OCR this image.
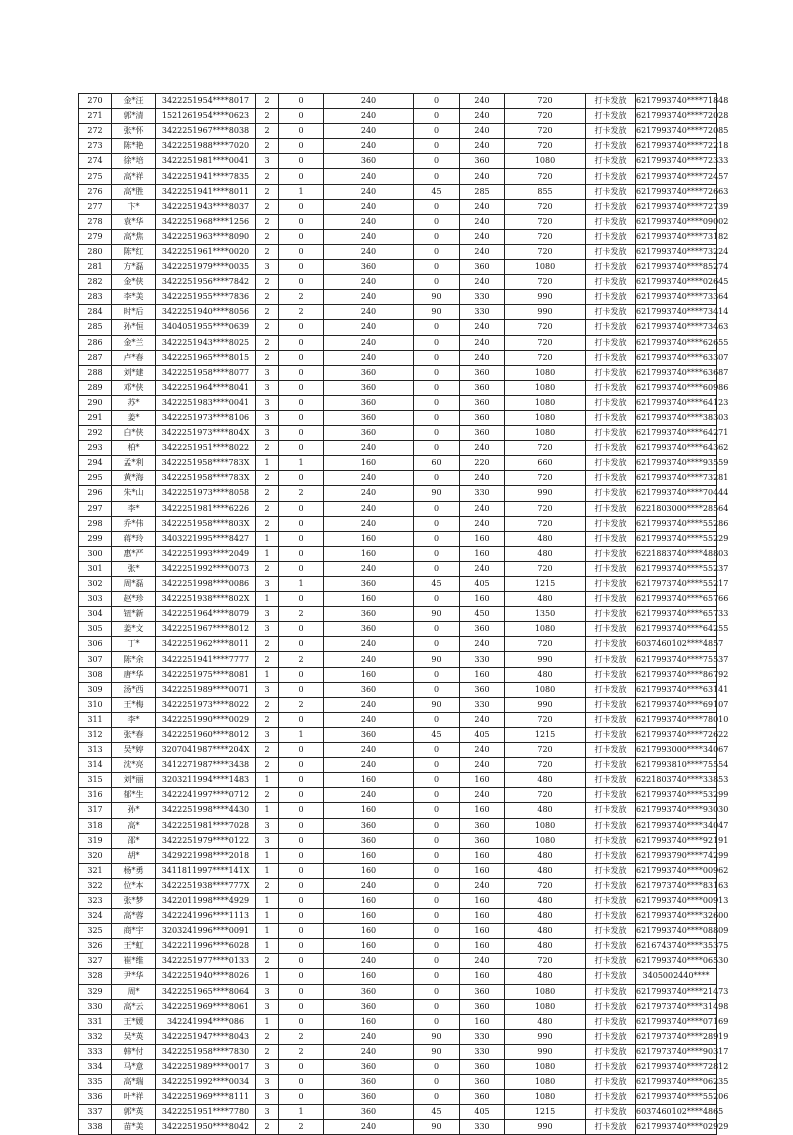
270	金*汪	3422251954****8017	2	0	240	0	240	720	打卡发放	6217993740****71848
271	郭*清	1521261954****0623	2	0	240	0	240	720	打卡发放	6217993740****72028
272	张*怀	3422251967****8038	2	0	240	0	240	720	打卡发放	6217993740****72085
273	陈*艳	3422251988****7020	2	0	240	0	240	720	打卡发放	6217993740****72218
274	徐*培	3422251981****0041	3	0	360	0	360	1080	打卡发放	6217993740****72333
275	高*祥	3422251941****7835	2	0	240	0	240	720	打卡发放	6217993740****72457
276	高*胜	3422251941****8011	2	1	240	45	285	855	打卡发放	6217993740****72663
277	卞*	3422251943****8037	2	0	240	0	240	720	打卡发放	6217993740****72739
278	袁*华	3422251968****1256	2	0	240	0	240	720	打卡发放	6217993740****09002
279	高*焦	3422251963****8090	2	0	240	0	240	720	打卡发放	6217993740****73182
280	陈*红	3422251961****0020	2	0	240	0	240	720	打卡发放	6217993740****73224
281	方*磊	3422251979****0035	3	0	360	0	360	1080	打卡发放	6217993740****85274
282	金*侠	3422251956****7842	2	0	240	0	240	720	打卡发放	6217993740****02645
283	李*美	3422251955****7836	2	2	240	90	330	990	打卡发放	6217993740****73364
284	时*后	3422251940****8056	2	2	240	90	330	990	打卡发放	6217993740****73414
285	孙*恒	3404051955****0639	2	0	240	0	240	720	打卡发放	6217993740****73463
286	金*兰	3422251943****8025	2	0	240	0	240	720	打卡发放	6217993740****62655
287	卢*春	3422251965****8015	2	0	240	0	240	720	打卡发放	6217993740****63307
288	刘*建	3422251958****8077	3	0	360	0	360	1080	打卡发放	6217993740****63687
289	邓*侠	3422251964****8041	3	0	360	0	360	1080	打卡发放	6217993740****60986
290	苏*	3422251983****0041	3	0	360	0	360	1080	打卡发放	6217993740****64123
291	姜*	3422251973****8106	3	0	360	0	360	1080	打卡发放	6217993740****38303
292	白*侠	3422251973****804X	3	0	360	0	360	1080	打卡发放	6217993740****64271
293	柏*	3422251951****8022	2	0	240	0	240	720	打卡发放	6217993740****64362
294	孟*利	3422251958****783X	1	1	160	60	220	660	打卡发放	6217993740****93559
295	黄*海	3422251958****783X	2	0	240	0	240	720	打卡发放	6217993740****73281
296	朱*山	3422251973****8058	2	2	240	90	330	990	打卡发放	6217993740****70444
297	李*	3422251981****6226	2	0	240	0	240	720	打卡发放	6221803000****28564
298	乔*伟	3422251958****803X	2	0	240	0	240	720	打卡发放	6217993740****55286
299	蒋*玲	3403221995****8427	1	0	160	0	160	480	打卡发放	6217993740****55229
300	惠*严	3422251993****2049	1	0	160	0	160	480	打卡发放	6221883740****48803
301	张*	3422251992****0073	2	0	240	0	240	720	打卡发放	6217993740****55237
302	周*磊	3422251998****0086	3	1	360	45	405	1215	打卡发放	6217973740****55217
303	赵*珍	3422251938****802X	1	0	160	0	160	480	打卡发放	6217993740****65766
304	钮*新	3422251964****8079	3	2	360	90	450	1350	打卡发放	6217993740****65733
305	姜*文	3422251967****8012	3	0	360	0	360	1080	打卡发放	6217993740****64255
306	丁*	3422251962****8011	2	0	240	0	240	720	打卡发放	6037460102****4857
307	陈*余	3422251941****7777	2	2	240	90	330	990	打卡发放	6217993740****75537
308	唐*华	3422251975****8081	1	0	160	0	160	480	打卡发放	6217993740****86792
309	汤*西	3422251989****0071	3	0	360	0	360	1080	打卡发放	6217993740****63141
310	王*梅	3422251973****8022	2	2	240	90	330	990	打卡发放	6217993740****69107
311	李*	3422251990****0029	2	0	240	0	240	720	打卡发放	6217993740****78010
312	张*春	3422251960****8012	3	1	360	45	405	1215	打卡发放	6217993740****72622
313	吴*婷	3207041987****204X	2	0	240	0	240	720	打卡发放	6217993000****34067
314	沈*亮	3412271987****3438	2	0	240	0	240	720	打卡发放	6217993810****75554
315	刘*丽	3203211994****1483	1	0	160	0	160	480	打卡发放	6221803740****33853
316	郁*生	3422241997****0712	2	0	240	0	240	720	打卡发放	6217993740****53299
317	孙*	3422251998****4430	1	0	160	0	160	480	打卡发放	6217993740****93030
318	高*	3422251981****7028	3	0	360	0	360	1080	打卡发放	6217993740****34047
319	邵*	3422251979****0122	3	0	360	0	360	1080	打卡发放	6217993740****92191
320	胡*	3429221998****2018	1	0	160	0	160	480	打卡发放	6217993790****74299
321	杨*勇	3411811997****141X	1	0	160	0	160	480	打卡发放	6217993740****00962
322	位*本	3422251938****777X	2	0	240	0	240	720	打卡发放	6217973740****83163
323	张*梦	3422011998****4929	1	0	160	0	160	480	打卡发放	6217993740****00913
324	高*蓉	3422241996****1113	1	0	160	0	160	480	打卡发放	6217993740****32600
325	商*宇	3203241996****0091	1	0	160	0	160	480	打卡发放	6217993740****08809
326	王*虹	3422211996****6028	1	0	160	0	160	480	打卡发放	6216743740****35375
327	崔*维	3422251977****0133	2	0	240	0	240	720	打卡发放	6217993740****06530
328	尹*华	3422251940****8026	1	0	160	0	160	480	打卡发放	3405002440****
329	周*	3422251965****8064	3	0	360	0	360	1080	打卡发放	6217993740****21473
330	高*云	3422251969****8061	3	0	360	0	360	1080	打卡发放	6217973740****31498
331	王*媛	342241994****086	1	0	160	0	160	480	打卡发放	6217993740****07169
332	吴*英	3422251947****8043	2	2	240	90	330	990	打卡发放	6217973740****28919
333	韩*付	3422251958****7830	2	2	240	90	330	990	打卡发放	6217973740****90317
334	马*意	3422251989****0017	3	0	360	0	360	1080	打卡发放	6217993740****72812
335	高*瑞	3422251992****0034	3	0	360	0	360	1080	打卡发放	6217993740****06235
336	叶*祥	3422251969****8111	3	0	360	0	360	1080	打卡发放	6217993740****55206
337	郭*英	3422251951****7780	3	1	360	45	405	1215	打卡发放	6037460102****4865
338	苗*美	3422251950****8042	2	2	240	90	330	990	打卡发放	6217993740****02929
